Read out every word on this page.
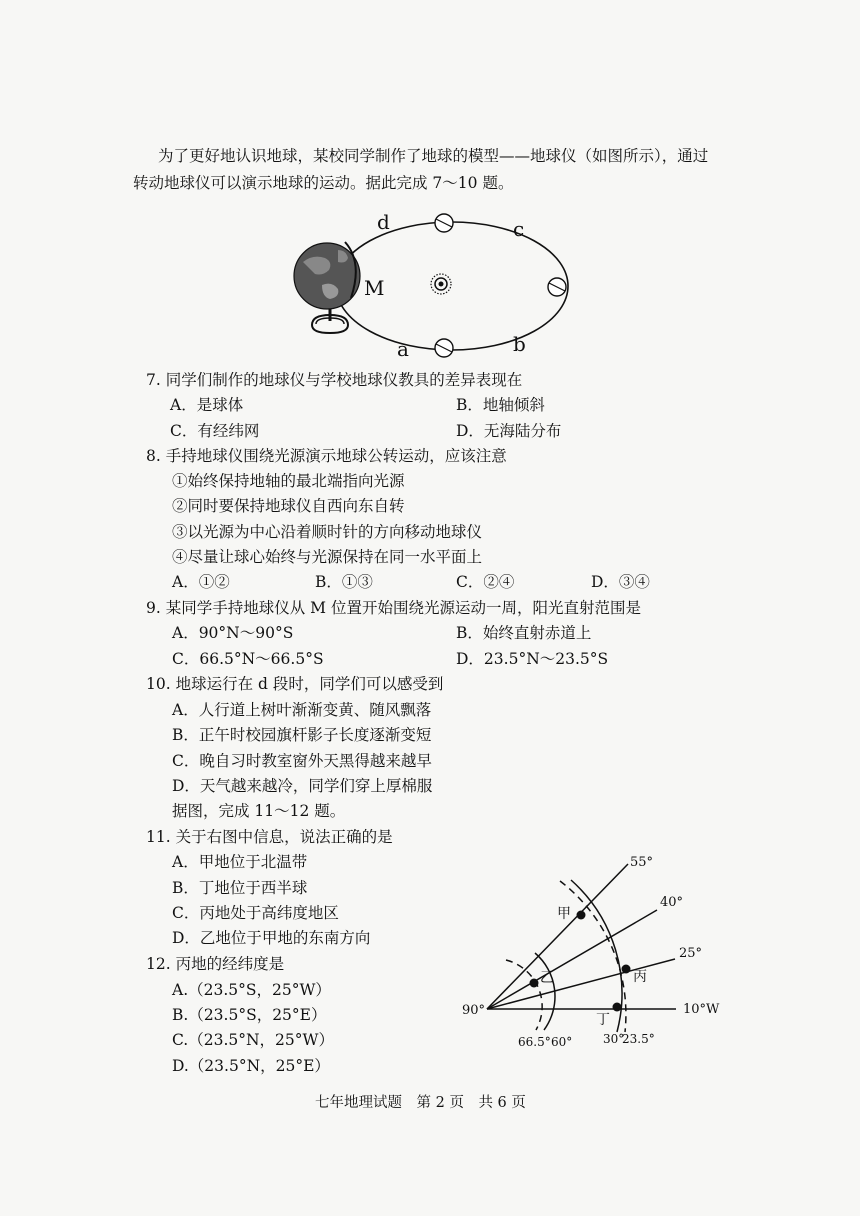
为了更好地认识地球，某校同学制作了地球的模型——地球仪（如图所示），通过
转动地球仪可以演示地球的运动。据此完成 7～10 题。
d	c
M
a	b
7. 同学们制作的地球仪与学校地球仪教具的差异表现在
A．是球体	B．地轴倾斜
C．有经纬网	D．无海陆分布
8. 手持地球仪围绕光源演示地球公转运动，应该注意
①始终保持地轴的最北端指向光源
②同时要保持地球仪自西向东自转
③以光源为中心沿着顺时针的方向移动地球仪
④尽量让球心始终与光源保持在同一水平面上
A．①②	B．①③	C．②④	D．③④
9. 某同学手持地球仪从 M 位置开始围绕光源运动一周，阳光直射范围是
A．90°N～90°S	B．始终直射赤道上
C．66.5°N～66.5°S	D．23.5°N～23.5°S
10. 地球运行在 d 段时，同学们可以感受到
A．人行道上树叶渐渐变黄、随风飘落
B．正午时校园旗杆影子长度逐渐变短
C．晚自习时教室窗外天黑得越来越早
D．天气越来越冷，同学们穿上厚棉服
据图，完成 11～12 题。
11. 关于右图中信息，说法正确的是
A．甲地位于北温带
B．丁地位于西半球
C．丙地处于高纬度地区
D．乙地位于甲地的东南方向
12. 丙地的经纬度是
A.（23.5°S，25°W）
B.（23.5°S，25°E）
C.（23.5°N，25°W）
D.（23.5°N，25°E）
55°
40°
25°
10°W
90°
66.5° 60°	30°
23.5°
甲
乙	丙
丁
七年地理试题　第 2 页　共 6 页
